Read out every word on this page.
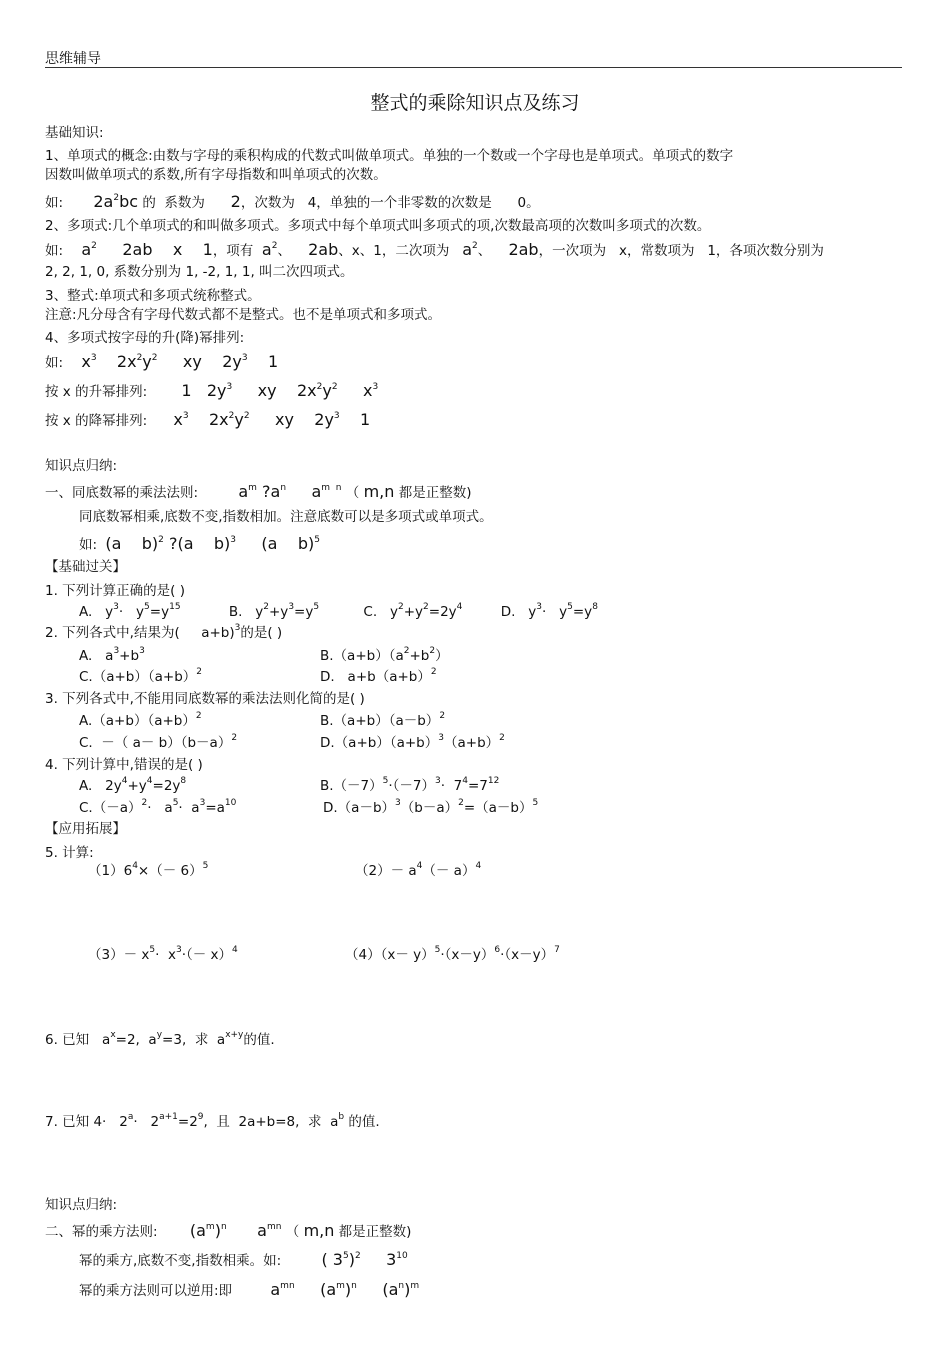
思维辅导
整式的乘除知识点及练习
基础知识:
1、单项式的概念:由数与字母的乘积构成的代数式叫做单项式。单独的一个数或一个字母也是单项式。单项式的数字
因数叫做单项式的系数,所有字母指数和叫单项式的次数。
如: $2a^2bc$ 的  系数为      2，次数为   4，单独的一个非零数的次数是      0。
2、多项式:几个单项式的和叫做多项式。多项式中每个单项式叫多项式的项,次数最高项的次数叫多项式的次数。
如: $a^2$     2ab    x    1，项有  $a^2$、    2ab、x、1，二次项为   $a^2$、    2ab，一次项为   x，常数项为   1，各项次数分别为
2, 2, 1, 0, 系数分别为 1, -2, 1, 1, 叫二次四项式。
3、整式:单项式和多项式统称整式。
注意:凡分母含有字母代数式都不是整式。也不是单项式和多项式。
4、多项式按字母的升(降)幂排列:
如: $x^3$    $2x^2y^2$     xy    $2y^3$    1
按 x 的升幂排列: 1   $2y^3$     xy    $2x^2y^2$     $x^3$
按 x 的降幂排列: $x^3$    $2x^2y^2$     xy    $2y^3$    1
知识点归纳:
一、同底数幂的乘法法则:	$a^m$ $?a^n$     $a^{m n}$ （ m,n 都是正整数)
同底数幂相乘,底数不变,指数相加。注意底数可以是多项式或单项式。
如: (a    b)$^2$ ?(a    b)$^3$     (a    b)$^5$
【基础过关】
1. 下列计算正确的是( )
A.   $y^3\cdot y^5=y^{15}$	B.   $y^2+y^3=y^5$	C.   $y^2+y^2=2y^4$	D.   $y^3\cdot y^5=y^8$
2. 下列各式中,结果为(     a+b)$^3$的是( )
A.   $a^3+b^3$	$B.(a+b)(a^2+b^2)$
$C.(a+b)(a+b)^2$	D.   $a+b(a+b)^2$
3. 下列各式中,不能用同底数幂的乘法法则化简的是( )
$A.(a+b)(a+b)^2$	$B.(a+b)(a-b)^2$
C.  －（ $a- b)(b-a)^2$	$D.(a+b)(a+b)^3(a+b)^2$
4. 下列计算中,错误的是( )
A.   $2y^4+y^4=2y^8$	$B.(-7)^5\cdot(-7)^3\cdot 7^4=7^{12}$
$C.(-a)^2\cdot a^5\cdot a^3=a^{10}$	$D.(a-b)^3(b-a)^2=(a-b)^5$
【应用拓展】
5. 计算:
$(1)6^4\times(- 6)^5$	$(2)- a^4(- a)^4$
$(3)- x^5\cdot x^3\cdot(- x)^4$	$(4)(x- y)^5\cdot(x-y)^6\cdot(x-y)^7$
6. 已知   $a^x=2$,  $a^y=3$,  求  $a^{x+y}$的值.
7. 已知 $4\cdot 2^a\cdot 2^{a+1}=2^9$,  且  2a+b=8,  求  $a^b$ 的值.
知识点归纳:
二、幂的乘方法则: $(a^m)^n$      $a^{mn}$ （ m,n 都是正整数)
幂的乘方,底数不变,指数相乘。如:	( $3^5)^2$     $3^{10}$
幂的乘方法则可以逆用:即 $a^{mn}$     $(a^m)^n$     $(a^n)^m$
